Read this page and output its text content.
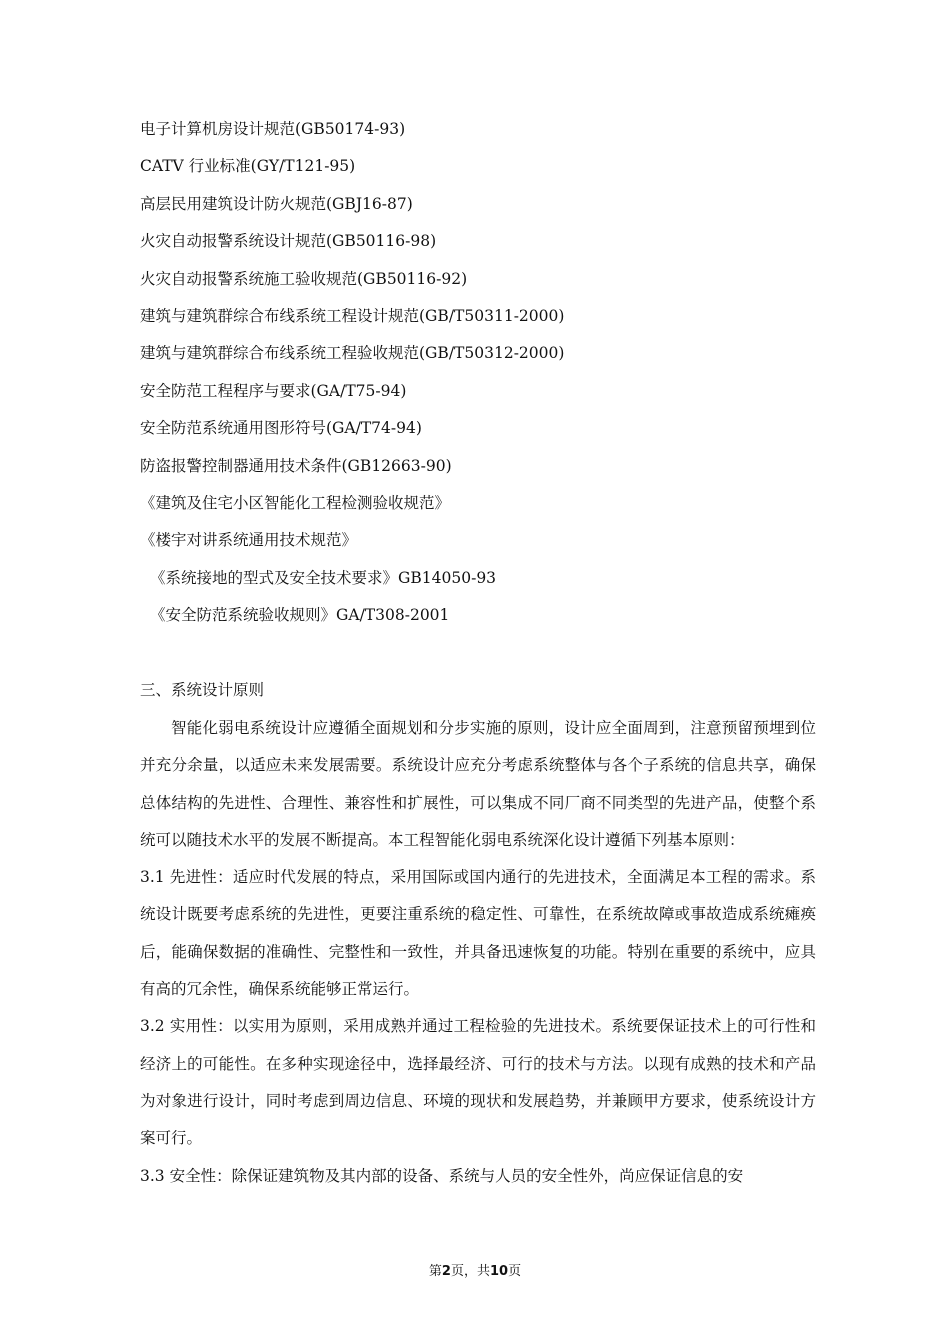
电子计算机房设计规范(GB50174-93)
CATV 行业标准(GY/T121-95)
高层民用建筑设计防火规范(GBJ16-87)
火灾自动报警系统设计规范(GB50116-98)
火灾自动报警系统施工验收规范(GB50116-92)
建筑与建筑群综合布线系统工程设计规范(GB/T50311-2000)
建筑与建筑群综合布线系统工程验收规范(GB/T50312-2000)
安全防范工程程序与要求(GA/T75-94)
安全防范系统通用图形符号(GA/T74-94)
防盗报警控制器通用技术条件(GB12663-90)
《建筑及住宅小区智能化工程检测验收规范》
《楼宇对讲系统通用技术规范》
《系统接地的型式及安全技术要求》GB14050-93
《安全防范系统验收规则》GA/T308-2001
三、系统设计原则

智能化弱电系统设计应遵循全面规划和分步实施的原则，设计应全面周到，注意预留预埋到位并充分余量，以适应未来发展需要。系统设计应充分考虑系统整体与各个子系统的信息共享，确保总体结构的先进性、合理性、兼容性和扩展性，可以集成不同厂商不同类型的先进产品，使整个系统可以随技术水平的发展不断提高。本工程智能化弱电系统深化设计遵循下列基本原则：

3.1 先进性：适应时代发展的特点，采用国际或国内通行的先进技术，全面满足本工程的需求。系统设计既要考虑系统的先进性，更要注重系统的稳定性、可靠性，在系统故障或事故造成系统瘫痪后，能确保数据的准确性、完整性和一致性，并具备迅速恢复的功能。特别在重要的系统中，应具有高的冗余性，确保系统能够正常运行。

3.2 实用性：以实用为原则，采用成熟并通过工程检验的先进技术。系统要保证技术上的可行性和经济上的可能性。在多种实现途径中，选择最经济、可行的技术与方法。以现有成熟的技术和产品为对象进行设计，同时考虑到周边信息、环境的现状和发展趋势，并兼顾甲方要求，使系统设计方案可行。

3.3 安全性：除保证建筑物及其内部的设备、系统与人员的安全性外，尚应保证信息的安

第2页，共10页
